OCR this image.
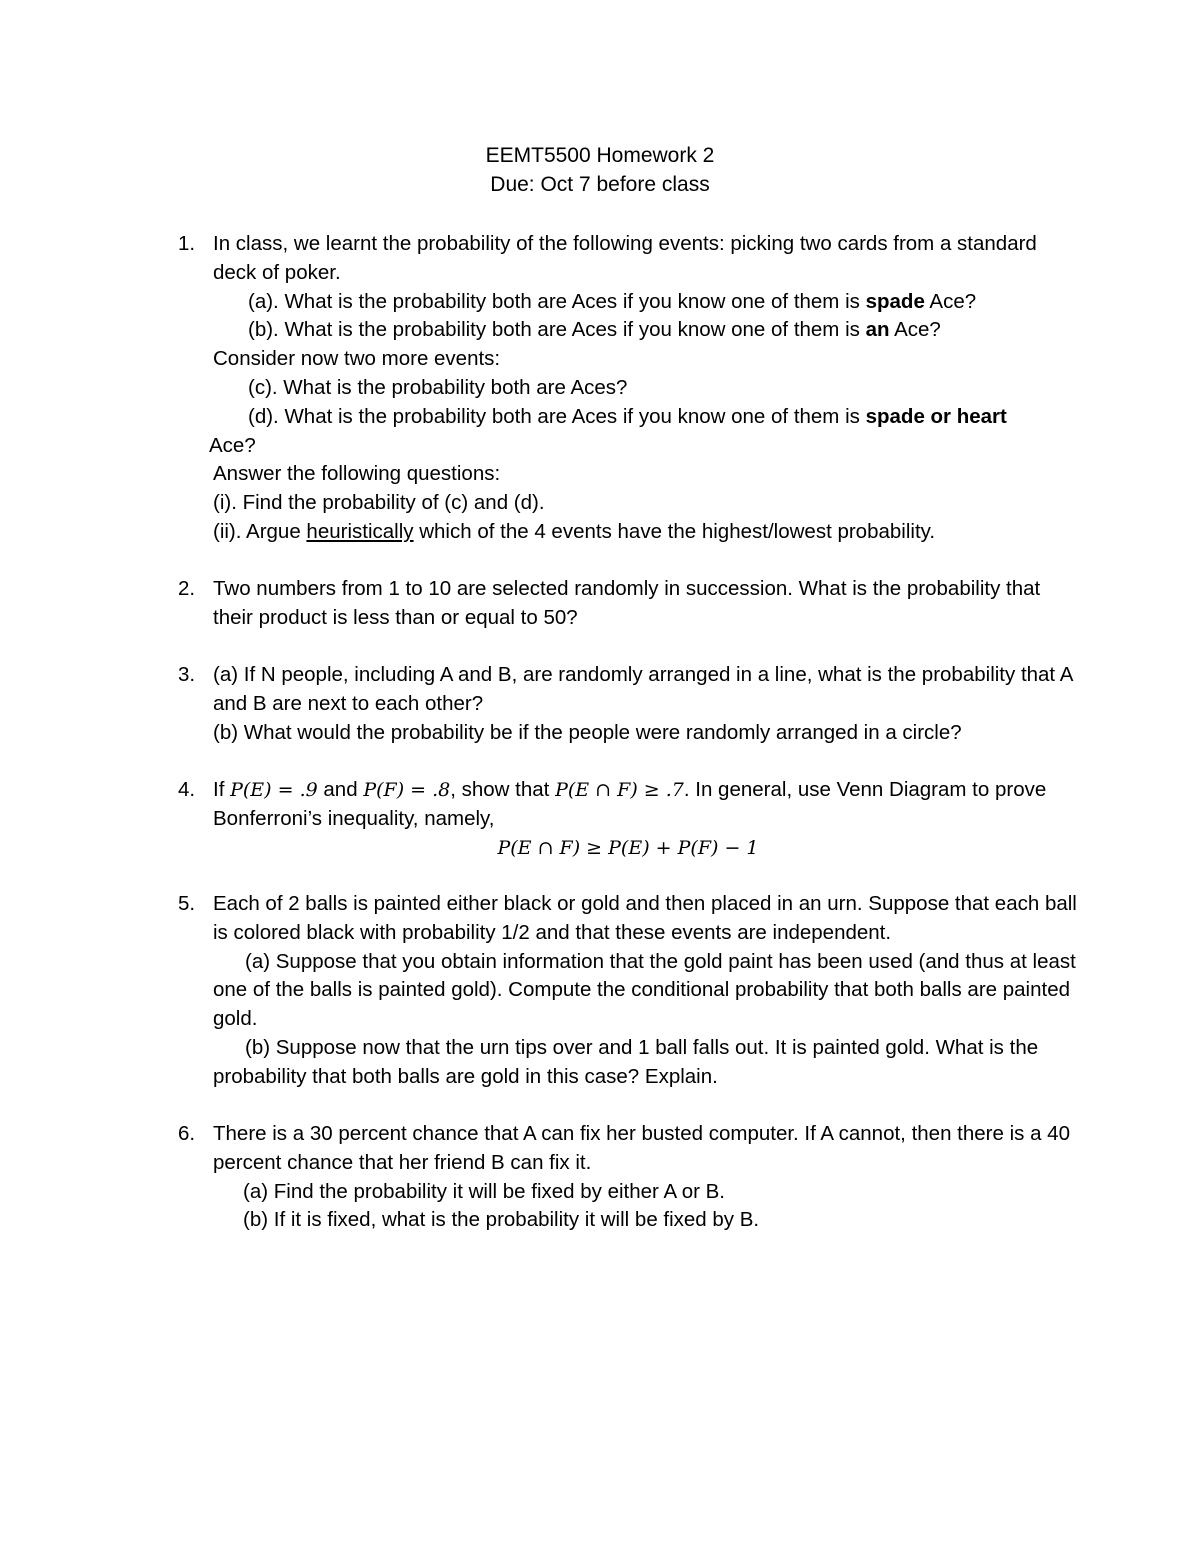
EEMT5500 Homework 2
Due: Oct 7 before class
1. In class, we learnt the probability of the following events: picking two cards from a standard deck of poker.
(a). What is the probability both are Aces if you know one of them is spade Ace?
(b). What is the probability both are Aces if you know one of them is an Ace?
Consider now two more events:
(c). What is the probability both are Aces?
(d). What is the probability both are Aces if you know one of them is spade or heart
Ace?
Answer the following questions:
(i). Find the probability of (c) and (d).
(ii). Argue heuristically which of the 4 events have the highest/lowest probability.
2. Two numbers from 1 to 10 are selected randomly in succession. What is the probability that their product is less than or equal to 50?
3. (a) If N people, including A and B, are randomly arranged in a line, what is the probability that A and B are next to each other?
(b) What would the probability be if the people were randomly arranged in a circle?
4. If P(E) = .9 and P(F) = .8, show that P(E ∩ F) ≥ .7. In general, use Venn Diagram to prove Bonferroni’s inequality, namely,
P(E ∩ F) ≥ P(E) + P(F) − 1
5. Each of 2 balls is painted either black or gold and then placed in an urn. Suppose that each ball is colored black with probability 1/2 and that these events are independent.
(a) Suppose that you obtain information that the gold paint has been used (and thus at least one of the balls is painted gold). Compute the conditional probability that both balls are painted gold.
(b) Suppose now that the urn tips over and 1 ball falls out. It is painted gold. What is the probability that both balls are gold in this case? Explain.
6. There is a 30 percent chance that A can fix her busted computer. If A cannot, then there is a 40 percent chance that her friend B can fix it.
(a) Find the probability it will be fixed by either A or B.
(b) If it is fixed, what is the probability it will be fixed by B.
